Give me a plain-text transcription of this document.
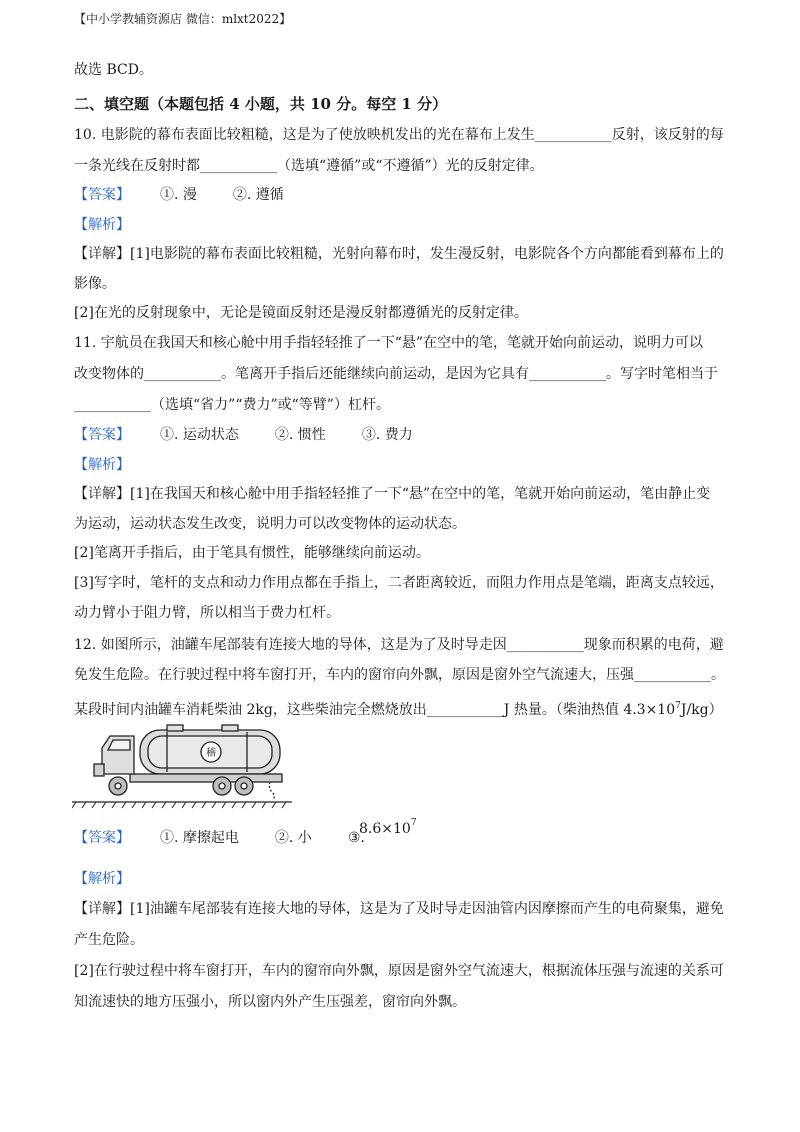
【中小学教辅资源店 微信：mlxt2022】
故选 BCD。
二、填空题（本题包括 4 小题，共 10 分。每空 1 分）
10. 电影院的幕布表面比较粗糙，这是为了使放映机发出的光在幕布上发生___________反射，该反射的每
一条光线在反射时都___________（选填“遵循”或“不遵循”）光的反射定律。
【答案】 ①. 漫	②. 遵循
【解析】
【详解】[1]电影院的幕布表面比较粗糙，光射向幕布时，发生漫反射，电影院各个方向都能看到幕布上的
影像。
[2]在光的反射现象中，无论是镜面反射还是漫反射都遵循光的反射定律。
11. 宇航员在我国天和核心舱中用手指轻轻推了一下“悬”在空中的笔，笔就开始向前运动，说明力可以
改变物体的___________。笔离开手指后还能继续向前运动，是因为它具有___________。写字时笔相当于
___________（选填“省力”“费力”或“等臂”）杠杆。
【答案】 ①. 运动状态	②. 惯性	③. 费力
【解析】
【详解】[1]在我国天和核心舱中用手指轻轻推了一下“悬”在空中的笔，笔就开始向前运动，笔由静止变
为运动，运动状态发生改变，说明力可以改变物体的运动状态。
[2]笔离开手指后，由于笔具有惯性，能够继续向前运动。
[3]写字时，笔杆的支点和动力作用点都在手指上，二者距离较近，而阻力作用点是笔端，距离支点较远，
动力臂小于阻力臂，所以相当于费力杠杆。
12. 如图所示，油罐车尾部装有连接大地的导体，这是为了及时导走因___________现象而积累的电荷，避
免发生危险。在行驶过程中将车窗打开，车内的窗帘向外飘，原因是窗外空气流速大，压强___________。
某段时间内油罐车消耗柴油 2kg，这些柴油完全燃烧放出___________J 热量。（柴油热值 $4.3\times 10^7J/kg$）
稽
【答案】 ①. 摩擦起电	②. 小	③.
$8.6\times 10^7$
【解析】
【详解】[1]油罐车尾部装有连接大地的导体，这是为了及时导走因油管内因摩擦而产生的电荷聚集，避免
产生危险。
[2]在行驶过程中将车窗打开，车内的窗帘向外飘，原因是窗外空气流速大，根据流体压强与流速的关系可
知流速快的地方压强小，所以窗内外产生压强差，窗帘向外飘。
